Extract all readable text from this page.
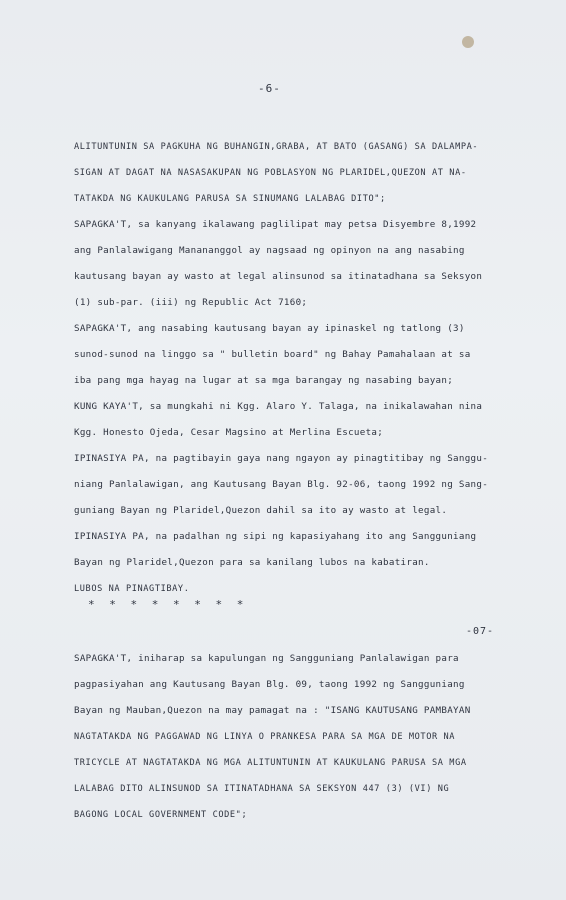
-6-
ALITUNTUNIN SA PAGKUHA NG BUHANGIN,GRABA, AT BATO (GASANG) SA DALAMPA-
SIGAN AT DAGAT NA NASASAKUPAN NG POBLASYON NG PLARIDEL,QUEZON AT NA-
TATAKDA NG KAUKULANG PARUSA SA SINUMANG LALABAG DITO";
SAPAGKA'T, sa kanyang ikalawang paglilipat may petsa Disyembre 8,1992
ang Panlalawigang Manananggol ay nagsaad ng opinyon na ang nasabing
kautusang bayan ay wasto at legal alinsunod sa itinatadhana sa Seksyon
(1) sub-par. (iii) ng Republic Act 7160;
SAPAGKA'T, ang nasabing kautusang bayan ay ipinaskel ng tatlong (3)
sunod-sunod na linggo sa " bulletin board" ng Bahay Pamahalaan at sa
iba pang mga hayag na lugar at sa mga barangay ng nasabing bayan;
KUNG KAYA'T, sa mungkahi ni Kgg. Alaro Y. Talaga, na inikalawahan nina
Kgg. Honesto Ojeda, Cesar Magsino at Merlina Escueta;
IPINASIYA PA, na pagtibayin gaya nang ngayon ay pinagtitibay ng Sanggu-
niang Panlalawigan, ang Kautusang Bayan Blg. 92-06, taong 1992 ng Sang-
guniang Bayan ng Plaridel,Quezon dahil sa ito ay wasto at legal.
IPINASIYA PA, na padalhan ng sipi ng kapasiyahang ito ang Sangguniang
Bayan ng Plaridel,Quezon para sa kanilang lubos na kabatiran.
LUBOS NA PINAGTIBAY.
* * * * * * * *
-07-
SAPAGKA'T, iniharap sa kapulungan ng Sangguniang Panlalawigan para
pagpasiyahan ang Kautusang Bayan Blg. 09, taong 1992 ng Sangguniang
Bayan ng Mauban,Quezon na may pamagat na : "ISANG KAUTUSANG PAMBAYAN
NAGTATAKDA NG PAGGAWAD NG LINYA O PRANKESA PARA SA MGA DE MOTOR NA
TRICYCLE AT NAGTATAKDA NG MGA ALITUNTUNIN AT KAUKULANG PARUSA SA MGA
LALABAG DITO ALINSUNOD SA ITINATADHANA SA SEKSYON 447 (3) (VI) NG
BAGONG LOCAL GOVERNMENT CODE";
